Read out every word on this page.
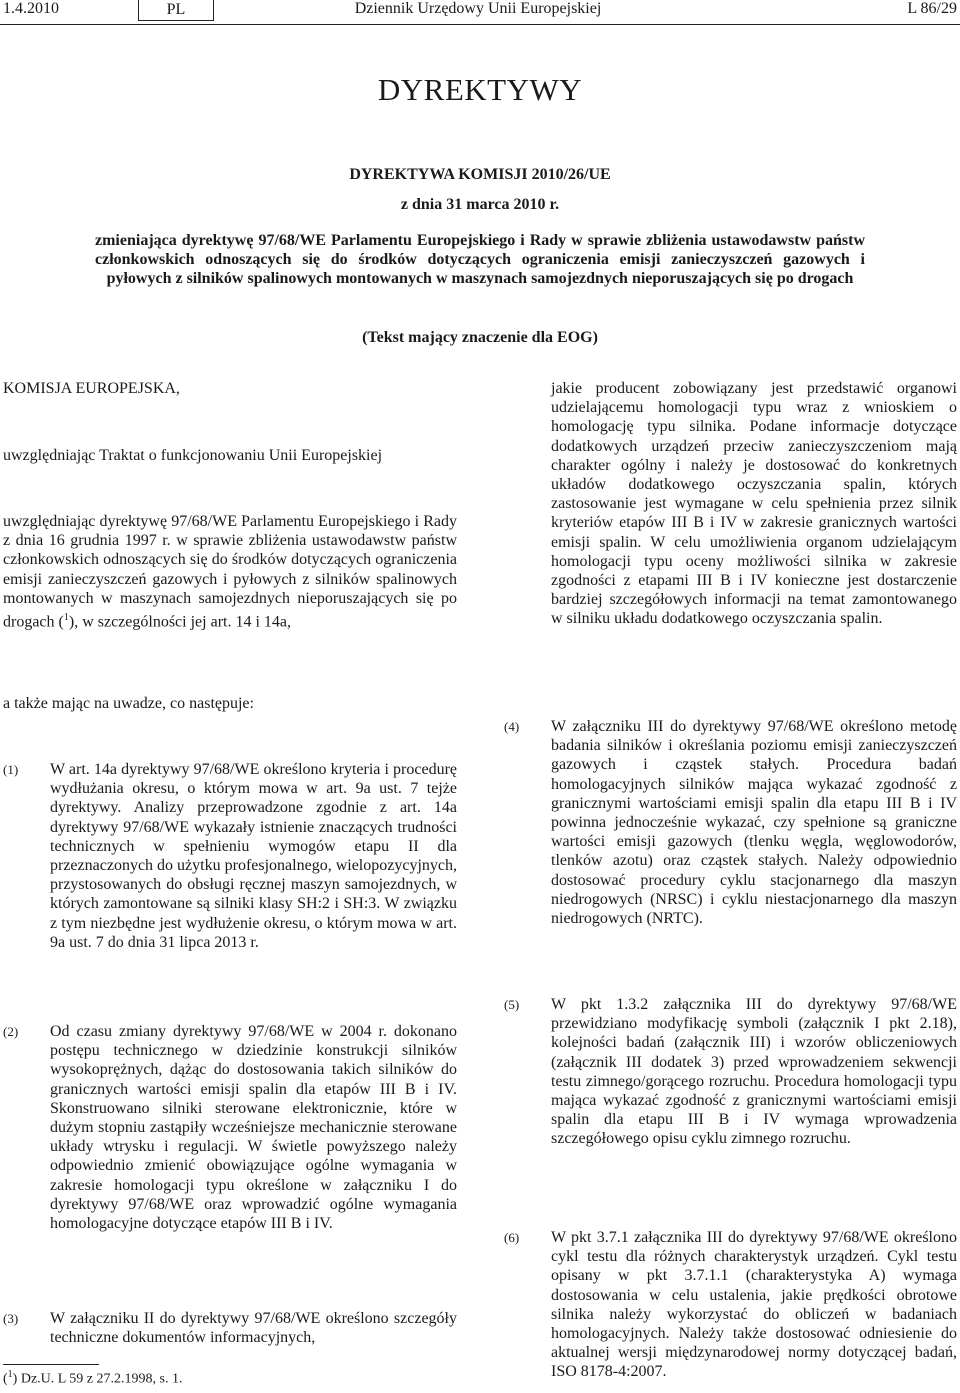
1.4.2010	PL	Dziennik Urzędowy Unii Europejskiej	L 86/29
DYREKTYWY
DYREKTYWA KOMISJI 2010/26/UE
z dnia 31 marca 2010 r.
zmieniająca dyrektywę 97/68/WE Parlamentu Europejskiego i Rady w sprawie zbliżenia ustawodawstw państw członkowskich odnoszących się do środków dotyczących ograniczenia emisji zanieczyszczeń gazowych i pyłowych z silników spalinowych montowanych w maszynach samojezdnych nieporuszających się po drogach
(Tekst mający znaczenie dla EOG)
KOMISJA EUROPEJSKA,
uwzględniając Traktat o funkcjonowaniu Unii Europejskiej
uwzględniając dyrektywę 97/68/WE Parlamentu Europejskiego i Rady z dnia 16 grudnia 1997 r. w sprawie zbliżenia ustawodawstw państw członkowskich odnoszących się do środków dotyczących ograniczenia emisji zanieczyszczeń gazowych i pyłowych z silników spalinowych montowanych w maszynach samojezdnych nieporuszających się po drogach ($^1$), w szczególności jej art. 14 i 14a,
a także mając na uwadze, co następuje:
jakie producent zobowiązany jest przedstawić organowi udzielającemu homologacji typu wraz z wnioskiem o homologację typu silnika. Podane informacje dotyczące dodatkowych urządzeń przeciw zanieczyszczeniom mają charakter ogólny i należy je dostosować do konkretnych układów dodatkowego oczyszczania spalin, których zastosowanie jest wymagane w celu spełnienia przez silnik kryteriów etapów III B i IV w zakresie granicznych wartości emisji spalin. W celu umożliwienia organom udzielającym homologacji typu oceny możliwości silnika w zakresie zgodności z etapami III B i IV konieczne jest dostarczenie bardziej szczegółowych informacji na temat zamontowanego w silniku układu dodatkowego oczyszczania spalin.
(1) W art. 14a dyrektywy 97/68/WE określono kryteria i procedurę wydłużania okresu, o którym mowa w art. 9a ust. 7 tejże dyrektywy. Analizy przeprowadzone zgodnie z art. 14a dyrektywy 97/68/WE wykazały istnienie znaczących trudności technicznych w spełnieniu wymogów etapu II dla przeznaczonych do użytku profesjonalnego, wielopozycyjnych, przystosowanych do obsługi ręcznej maszyn samojezdnych, w których zamontowane są silniki klasy SH:2 i SH:3. W związku z tym niezbędne jest wydłużenie okresu, o którym mowa w art. 9a ust. 7 do dnia 31 lipca 2013 r.
(2) Od czasu zmiany dyrektywy 97/68/WE w 2004 r. dokonano postępu technicznego w dziedzinie konstrukcji silników wysokoprężnych, dążąc do dostosowania takich silników do granicznych wartości emisji spalin dla etapów III B i IV. Skonstruowano silniki sterowane elektronicznie, które w dużym stopniu zastąpiły wcześniejsze mechanicznie sterowane układy wtrysku i regulacji. W świetle powyższego należy odpowiednio zmienić obowiązujące ogólne wymagania w zakresie homologacji typu określone w załączniku I do dyrektywy 97/68/WE oraz wprowadzić ogólne wymagania homologacyjne dotyczące etapów III B i IV.
(3) W załączniku II do dyrektywy 97/68/WE określono szczegóły techniczne dokumentów informacyjnych,
(4) W załączniku III do dyrektywy 97/68/WE określono metodę badania silników i określania poziomu emisji zanieczyszczeń gazowych i cząstek stałych. Procedura badań homologacyjnych silników mająca wykazać zgodność z granicznymi wartościami emisji spalin dla etapu III B i IV powinna jednocześnie wykazać, czy spełnione są graniczne wartości emisji gazowych (tlenku węgla, węglowodorów, tlenków azotu) oraz cząstek stałych. Należy odpowiednio dostosować procedury cyklu stacjonarnego dla maszyn niedrogowych (NRSC) i cyklu niestacjonarnego dla maszyn niedrogowych (NRTC).
(5) W pkt 1.3.2 załącznika III do dyrektywy 97/68/WE przewidziano modyfikację symboli (załącznik I pkt 2.18), kolejności badań (załącznik III) i wzorów obliczeniowych (załącznik III dodatek 3) przed wprowadzeniem sekwencji testu zimnego/gorącego rozruchu. Procedura homologacji typu mająca wykazać zgodność z granicznymi wartościami emisji spalin dla etapu III B i IV wymaga wprowadzenia szczegółowego opisu cyklu zimnego rozruchu.
(6) W pkt 3.7.1 załącznika III do dyrektywy 97/68/WE określono cykl testu dla różnych charakterystyk urządzeń. Cykl testu opisany w pkt 3.7.1.1 (charakterystyka A) wymaga dostosowania w celu ustalenia, jakie prędkości obrotowe silnika należy wykorzystać do obliczeń w badaniach homologacyjnych. Należy także dostosować odniesienie do aktualnej wersji międzynarodowej normy dotyczącej badań, ISO 8178-4:2007.
($^1$) Dz.U. L 59 z 27.2.1998, s. 1.
